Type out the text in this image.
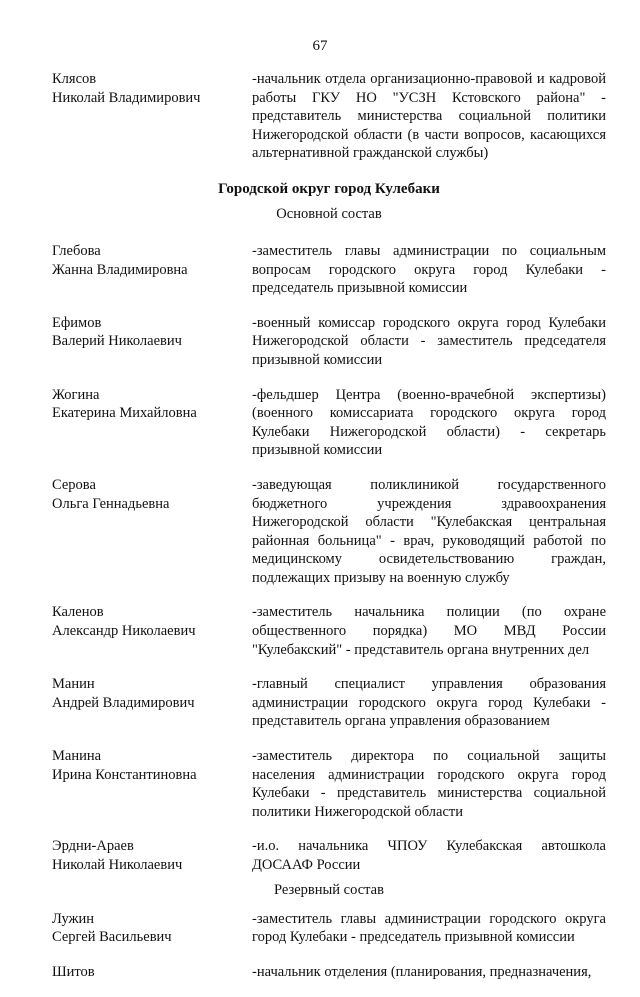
67
Клясов
Николай Владимирович
-начальник отдела организационно-правовой и кадровой работы ГКУ НО "УСЗН Кстовского района" - представитель министерства социальной политики Нижегородской области (в части вопросов, касающихся альтернативной гражданской службы)
Городской округ город Кулебаки
Основной состав
Глебова
Жанна Владимировна
-заместитель главы администрации по социальным вопросам городского округа город Кулебаки - председатель призывной комиссии
Ефимов
Валерий Николаевич
-военный комиссар городского округа город Кулебаки Нижегородской области - заместитель председателя призывной комиссии
Жогина
Екатерина Михайловна
-фельдшер Центра (военно-врачебной экспертизы) (военного комиссариата городского округа город Кулебаки Нижегородской области) - секретарь призывной комиссии
Серова
Ольга Геннадьевна
-заведующая поликлиникой государственного бюджетного учреждения здравоохранения Нижегородской области "Кулебакская центральная районная больница" - врач, руководящий работой по медицинскому освидетельствованию граждан, подлежащих призыву на военную службу
Каленов
Александр Николаевич
-заместитель начальника полиции (по охране общественного порядка) МО МВД России "Кулебакский" - представитель органа внутренних дел
Манин
Андрей Владимирович
-главный специалист управления образования администрации городского округа город Кулебаки - представитель органа управления образованием
Манина
Ирина Константиновна
-заместитель директора по социальной защиты населения администрации городского округа город Кулебаки - представитель министерства социальной политики Нижегородской области
Эрдни-Араев
Николай Николаевич
-и.о. начальника ЧПОУ Кулебакская автошкола ДОСААФ России
Резервный состав
Лужин
Сергей Васильевич
-заместитель главы администрации городского округа город Кулебаки - председатель призывной комиссии
Шитов	-начальник отделения (планирования, предназначения,
